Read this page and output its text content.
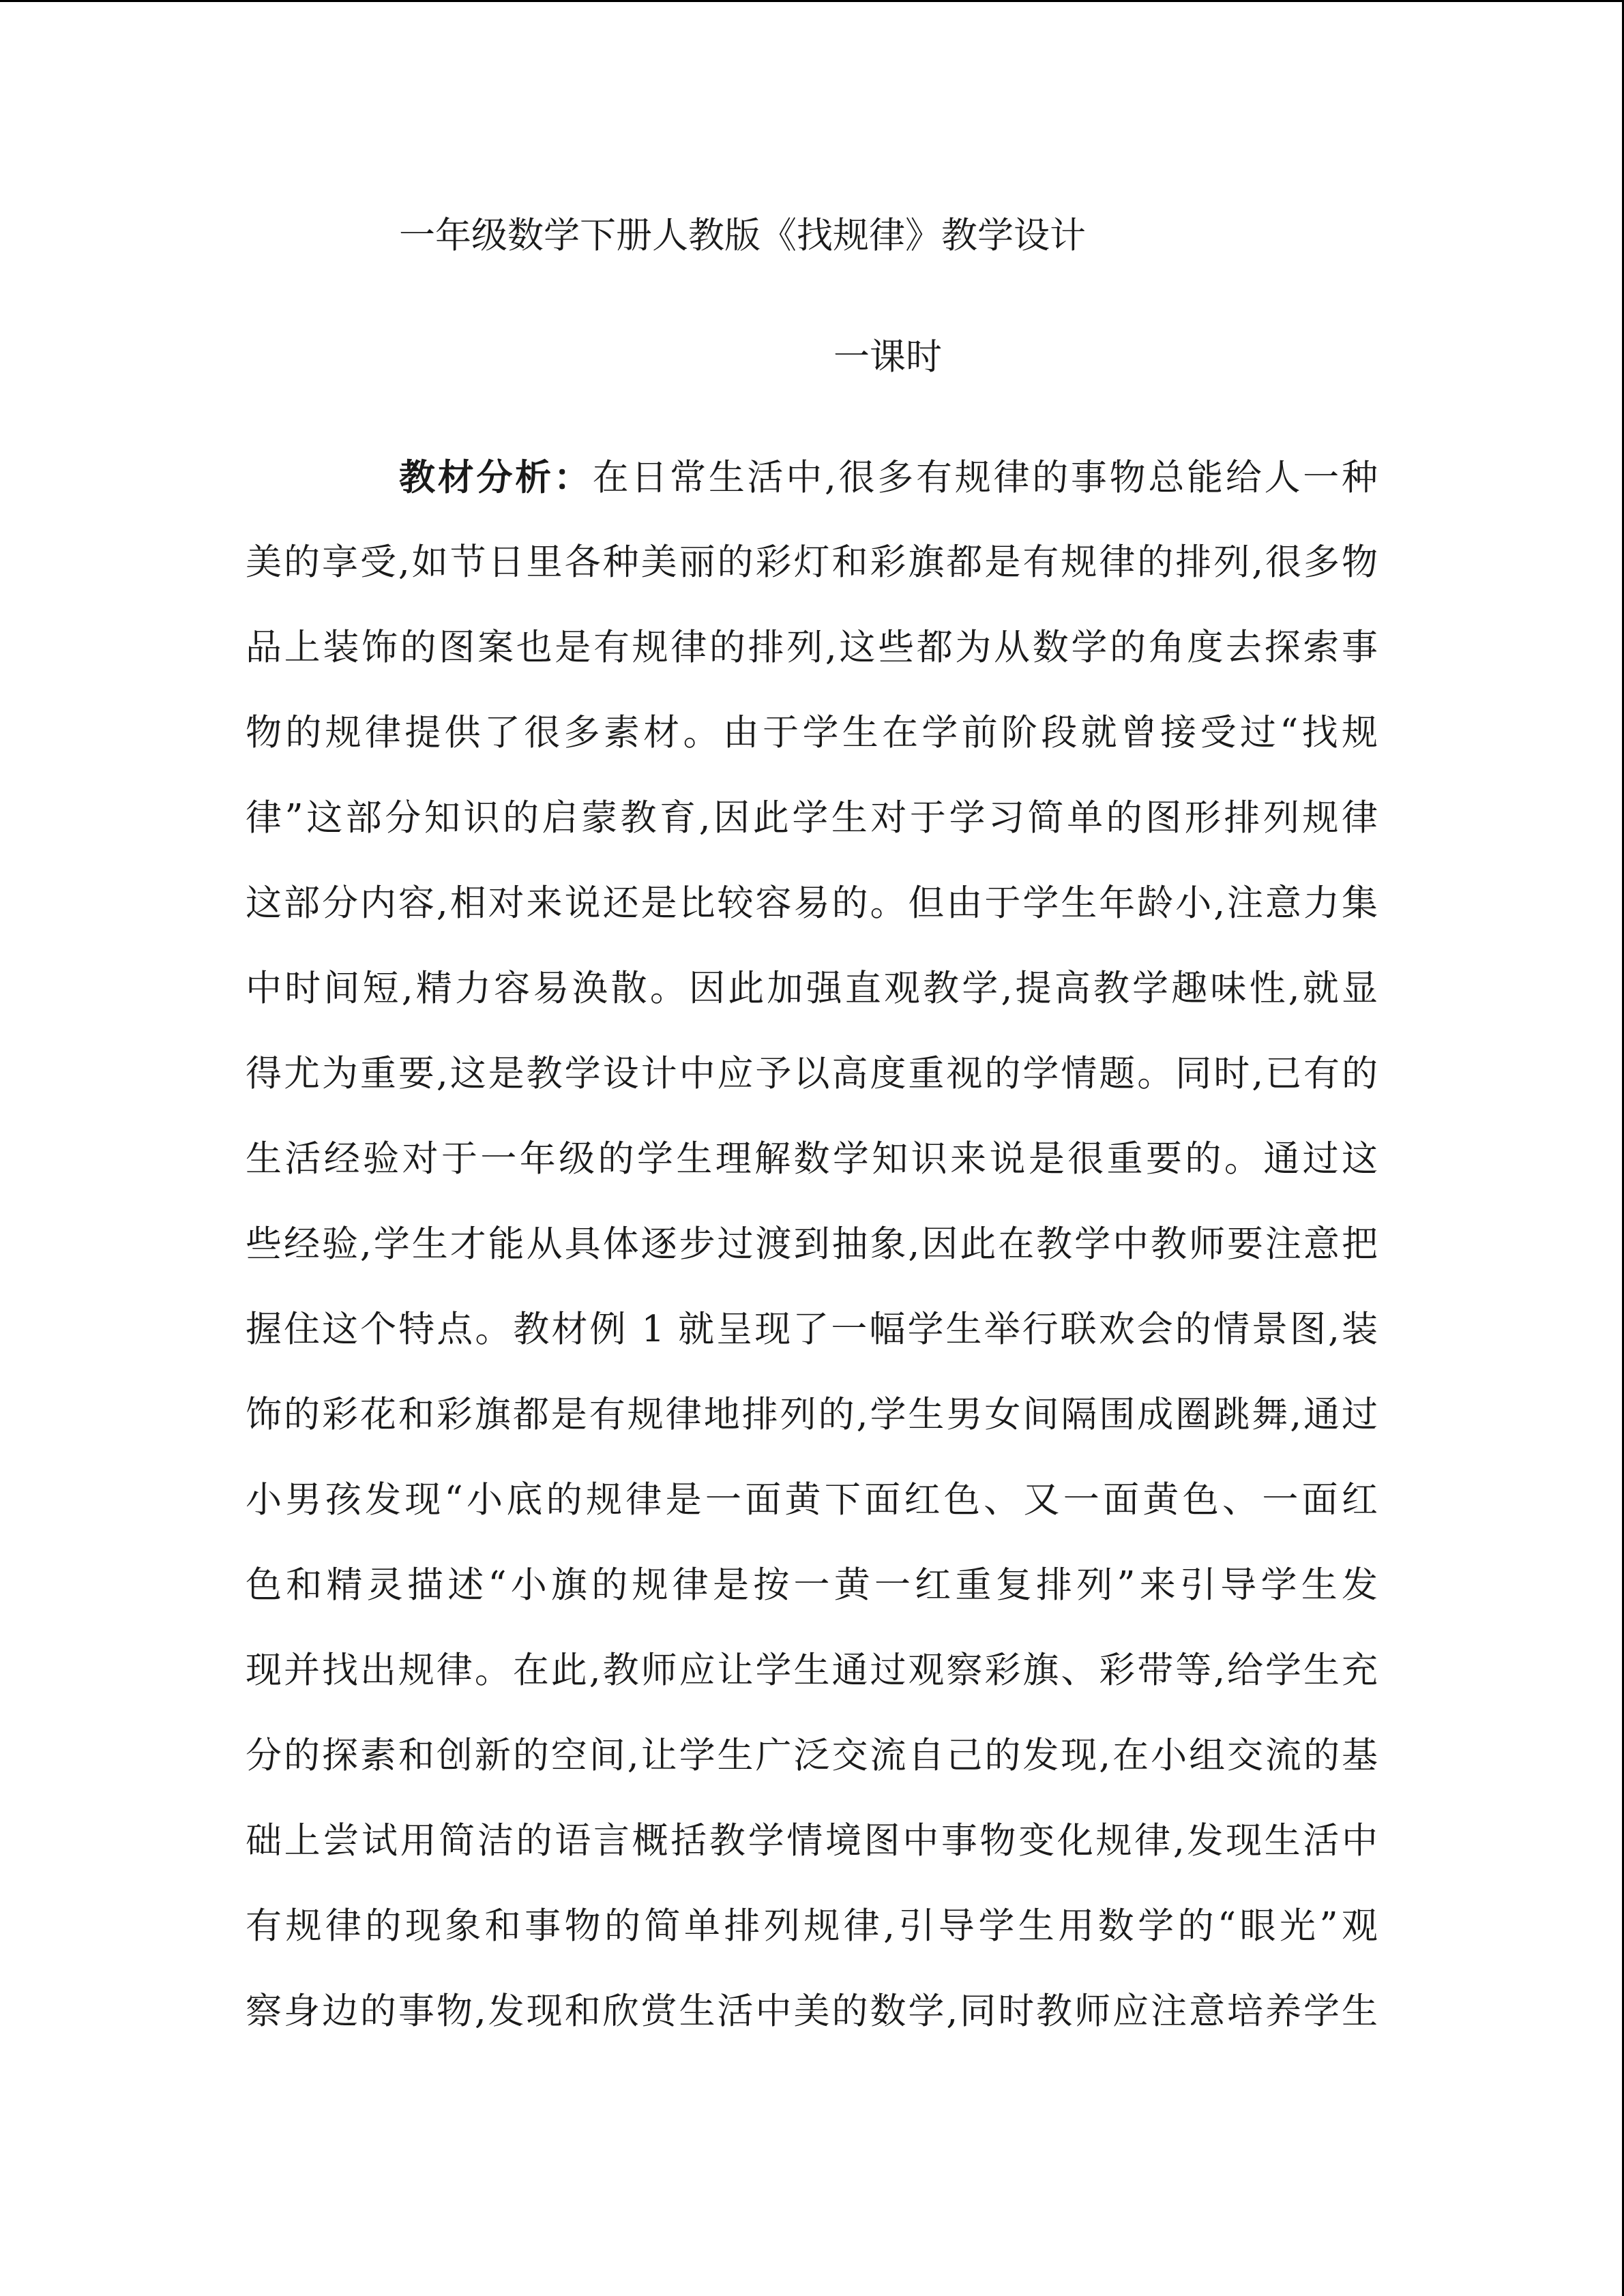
一年级数学下册人教版《找规律》教学设计
一课时
教材分析：在日常生活中,很多有规律的事物总能给人一种
美的享受,如节日里各种美丽的彩灯和彩旗都是有规律的排列,很多物
品上装饰的图案也是有规律的排列,这些都为从数学的角度去探索事
物的规律提供了很多素材。由于学生在学前阶段就曾接受过“找规
律”这部分知识的启蒙教育,因此学生对于学习简单的图形排列规律
这部分内容,相对来说还是比较容易的。但由于学生年龄小,注意力集
中时间短,精力容易涣散。因此加强直观教学,提高教学趣味性,就显
得尤为重要,这是教学设计中应予以高度重视的学情题。同时,已有的
生活经验对于一年级的学生理解数学知识来说是很重要的。通过这
些经验,学生才能从具体逐步过渡到抽象,因此在教学中教师要注意把
握住这个特点。教材例 1 就呈现了一幅学生举行联欢会的情景图,装
饰的彩花和彩旗都是有规律地排列的,学生男女间隔围成圈跳舞,通过
小男孩发现“小底的规律是一面黄下面红色、又一面黄色、一面红
色和精灵描述“小旗的规律是按一黄一红重复排列”来引导学生发
现并找出规律。在此,教师应让学生通过观察彩旗、彩带等,给学生充
分的探素和创新的空间,让学生广泛交流自己的发现,在小组交流的基
础上尝试用简洁的语言概括教学情境图中事物变化规律,发现生活中
有规律的现象和事物的简单排列规律,引导学生用数学的“眼光”观
察身边的事物,发现和欣赏生活中美的数学,同时教师应注意培养学生
